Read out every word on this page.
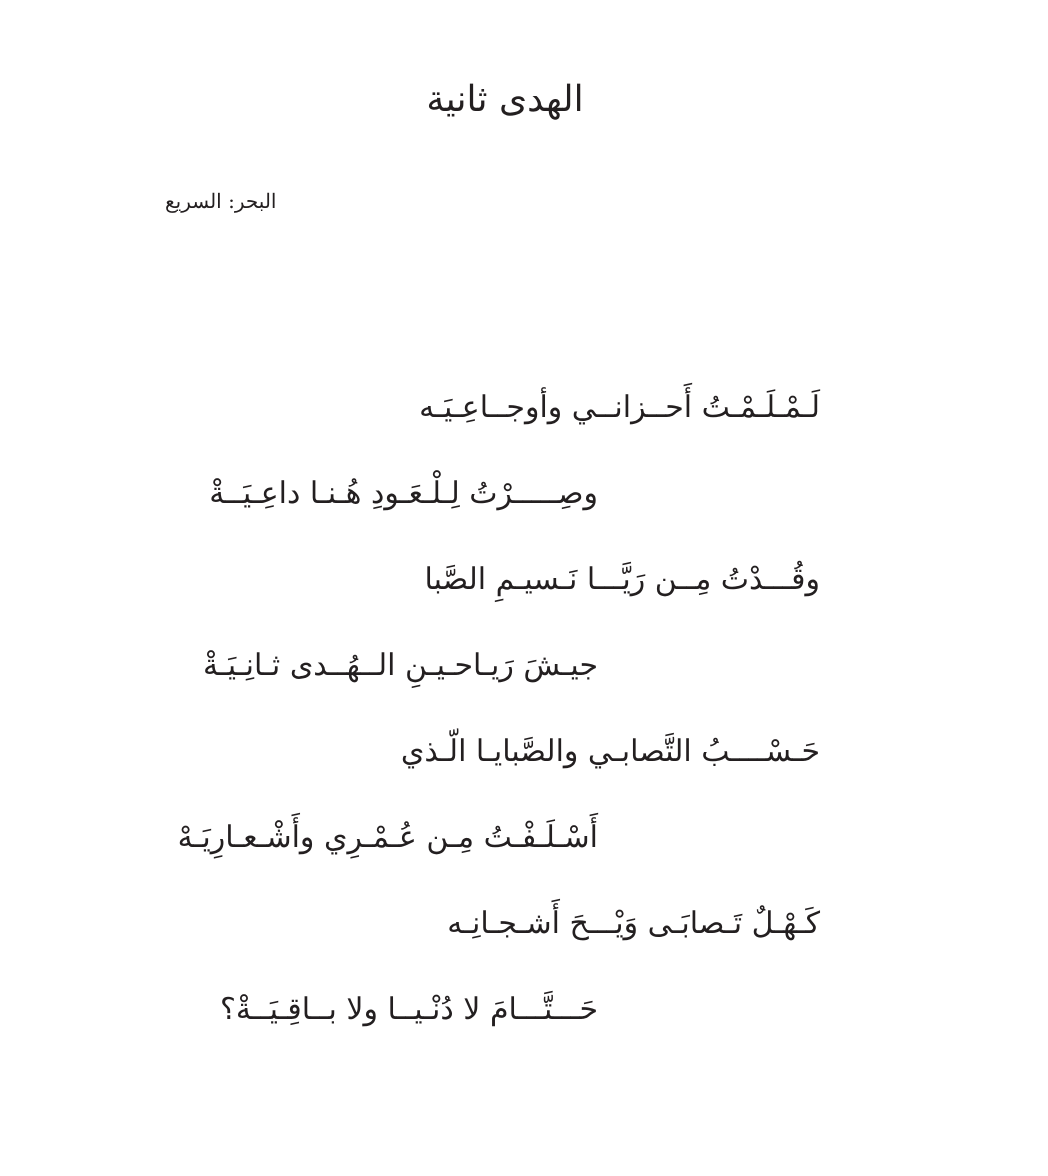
الهدى ثانية
البحر: السريع
لَـمْـلَـمْـتُ أَحــزانــي وأوجــاعِـيَـه
وصِـــــرْتُ لِـلْـعَـودِ هُـنـا داعِـيَــةْ
وقُـــدْتُ مِــن رَيَّـــا نَـسيـمِ الصَّبا
جيـشَ رَيـاحـيـنِ الــهُــدى ثـانِـيَـةْ
حَـسْــــبُ التَّصابـي والصَّبايـا الّـذي
أَسْـلَـفْـتُ مِـن عُـمْـرِي وأَشْـعـارِيَـهْ
كَـهْـلٌ تَـصابَـى وَيْـــحَ أَشـجـانِـه
حَـــتَّـــامَ لا دُنْـيــا ولا بــاقِـيَــةْ؟
